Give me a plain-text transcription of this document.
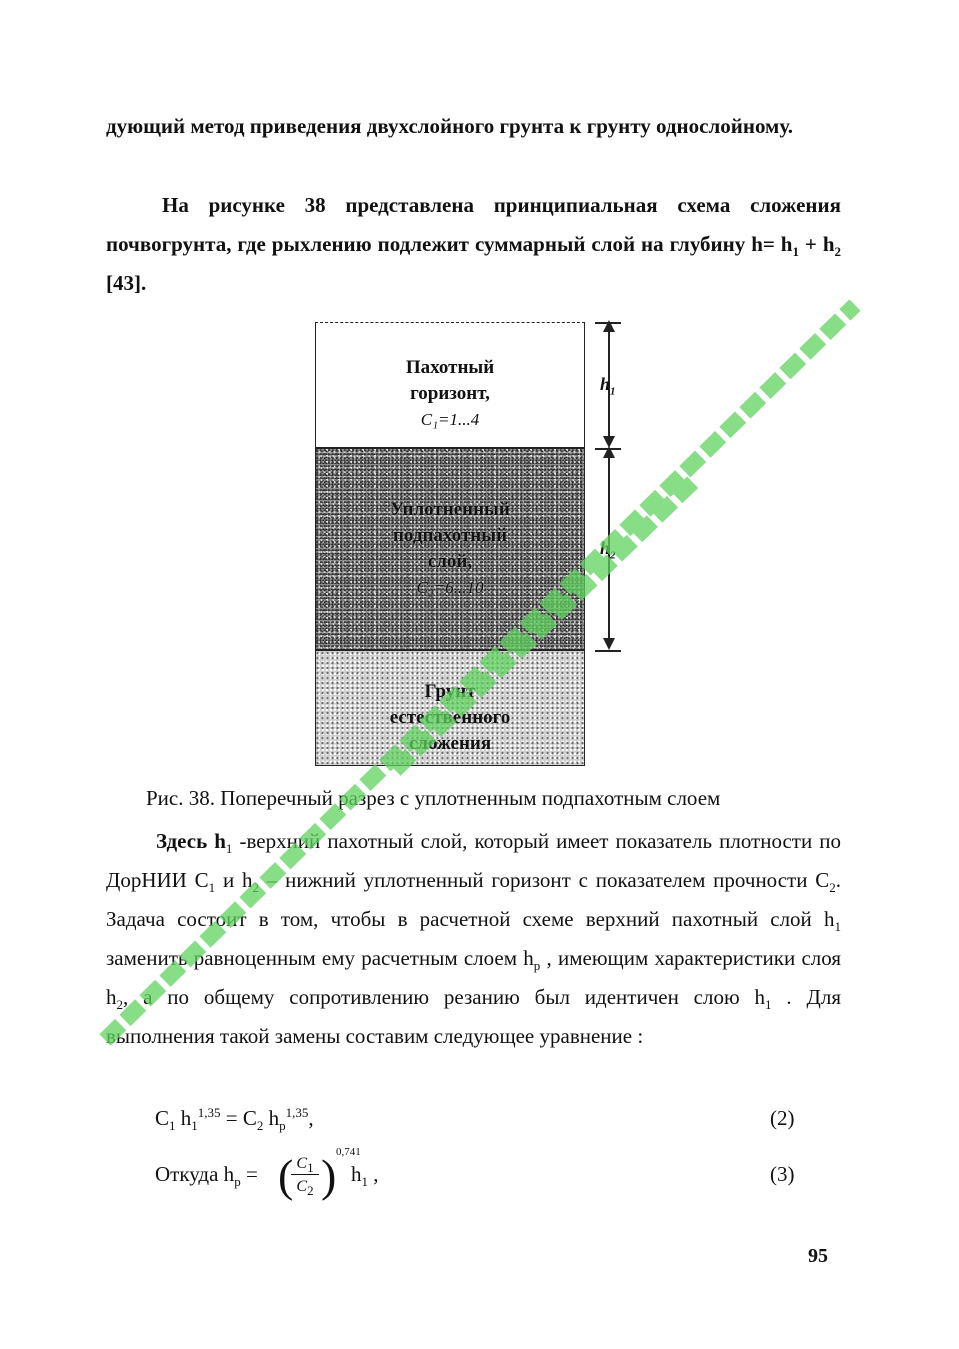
дующий метод приведения двухслойного грунта к грунту однослойному.

На рисунке 38 представлена принципиальная схема сложения почвогрунта, где рыхлению подлежит суммарный слой на глубину $h= h_1 + h_2$ [43].

Пахотный
горизонт,
C₁=1...4
Уплотненный
подпахотный
слой,
C₂=6...10
Грунт
естественного
сложения
$h_1$
$h_2$
Рис. 38. Поперечный разрез с уплотненным подпахотным слоем

Здесь $h_1$ -верхний пахотный слой, который имеет показатель плотности по ДорНИИ $C_1$ и $h_2$ – нижний уплотненный горизонт с показателем прочности $C_2$. Задача состоит в том, чтобы в расчетной схеме верхний пахотный слой $h_1$ заменить равноценным ему расчетным слоем $h_p$ , имеющим характеристики слоя $h_2$, а по общему сопротивлению резанию был идентичен слою $h_1$ . Для выполнения такой замены составим следующее уравнение :

$C_1$ $h_1^{1,35} = C_2$ $h_p^{1,35}$,	(2)
Откуда $h_p$ = ( $C_1$
$C_2$ ) 0,741
$h_1$ ,	(3)
95
